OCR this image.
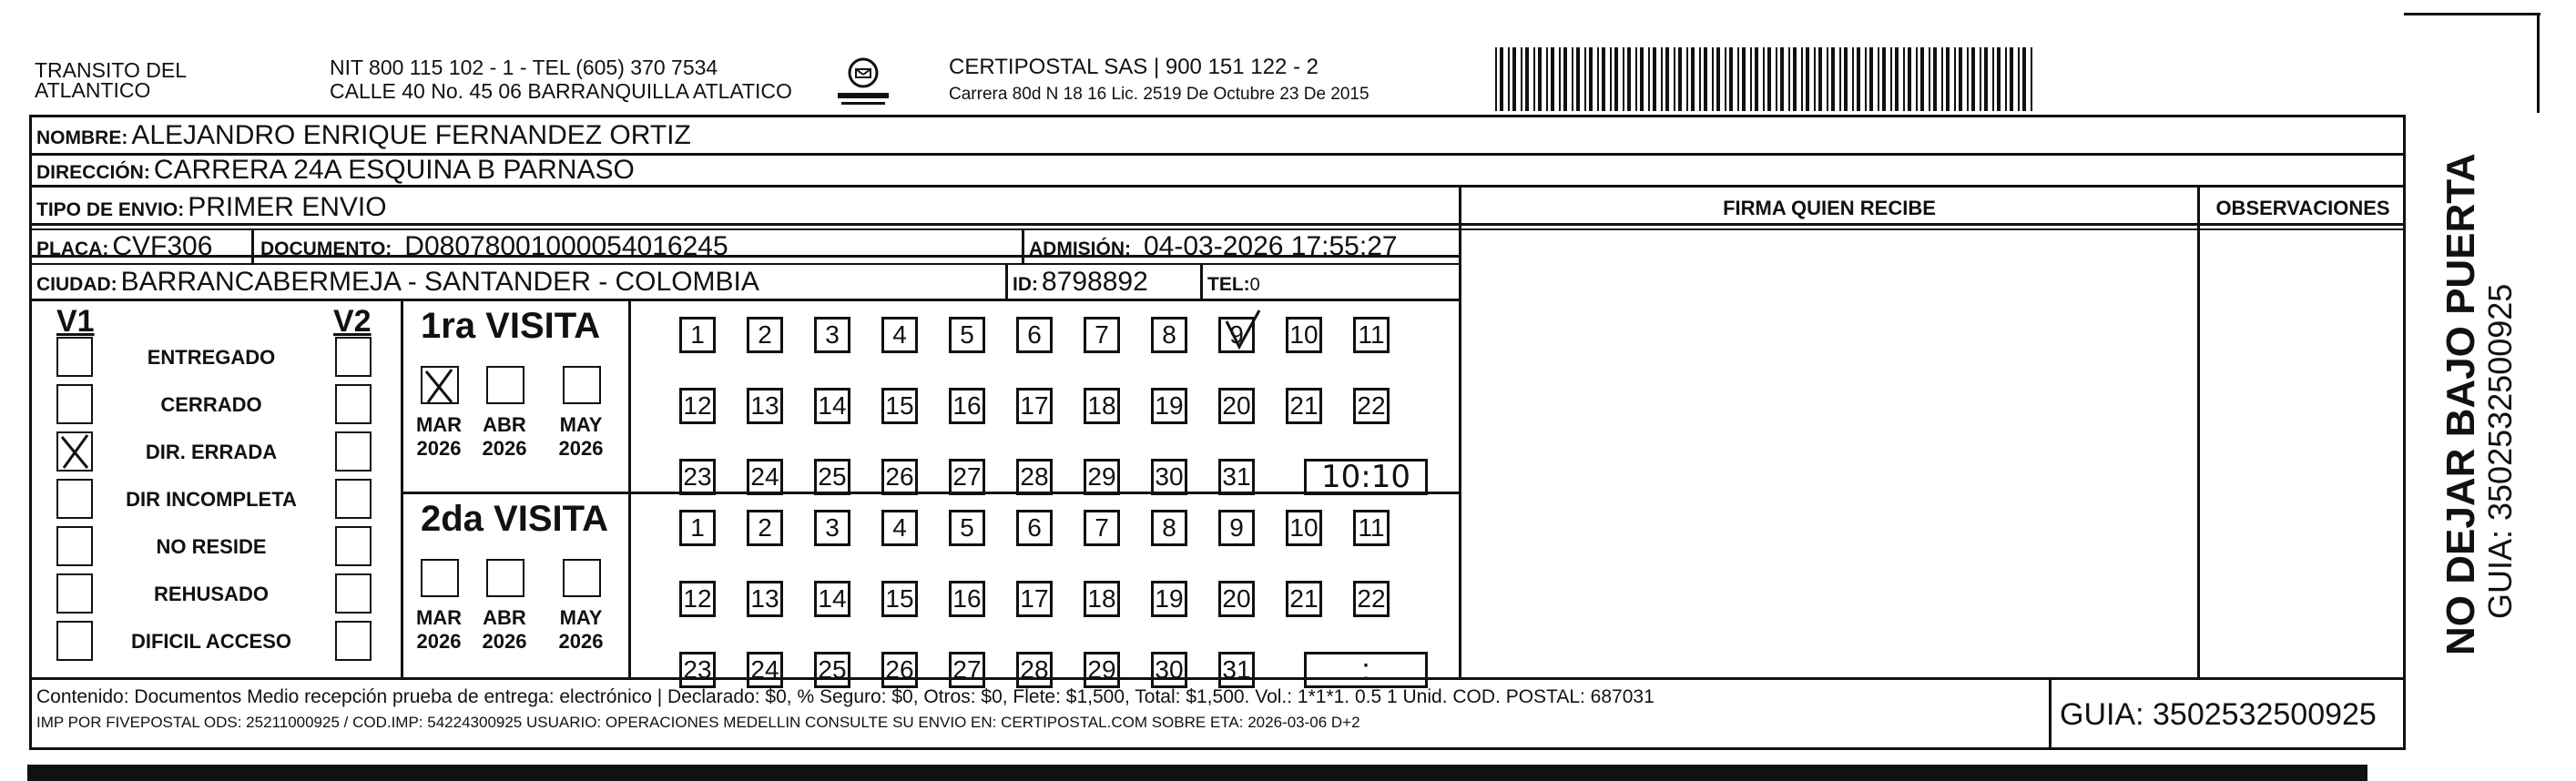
TRANSITO DEL
ATLANTICO
NIT 800 115 102 - 1 - TEL (605) 370 7534
CALLE 40 No. 45 06 BARRANQUILLA ATLATICO
CERTIPOSTAL SAS | 900 151 122 - 2
Carrera 80d N 18 16 Lic. 2519 De Octubre 23 De 2015
NOMBRE: ALEJANDRO ENRIQUE FERNANDEZ ORTIZ
DIRECCIÓN: CARRERA 24A ESQUINA B PARNASO
TIPO DE ENVIO: PRIMER ENVIO	FIRMA QUIEN RECIBE	OBSERVACIONES
PLACA: CVF306	DOCUMENTO: D08078001000054016245	ADMISIÓN: 04-03-2026 17:55:27
CIUDAD: BARRANCABERMEJA - SANTANDER - COLOMBIA	ID: 8798892	TEL:0
V1	V2
ENTREGADO
CERRADO
DIR. ERRADA
DIR INCOMPLETA
NO RESIDE
REHUSADO
DIFICIL ACCESO
1ra VISITA
MAR
2026
ABR
2026
MAY
2026
1	2	3	4	5	6	7	8	9	10 11
12 13 14 15 16 17 18 19 20 21 22
23 24 25 26 27 28 29 30 31	10:10
2da VISITA
MAR
2026
ABR
2026
MAY
2026
1	2	3	4	5	6	7	8	9	10 11
12 13 14 15 16 17 18 19 20 21 22
23 24 25 26 27 28 29 30 31	:
Contenido: Documentos Medio recepción prueba de entrega: electrónico | Declarado: $0, % Seguro: $0, Otros: $0, Flete: $1,500, Total: $1,500. Vol.: 1*1*1. 0.5 1 Unid. COD. POSTAL: 687031
IMP POR FIVEPOSTAL ODS: 25211000925 / COD.IMP: 54224300925 USUARIO: OPERACIONES MEDELLIN CONSULTE SU ENVIO EN: CERTIPOSTAL.COM SOBRE ETA: 2026-03-06 D+2	GUIA: 3502532500925
NO DEJAR BAJO PUERTA
GUIA: 3502532500925
